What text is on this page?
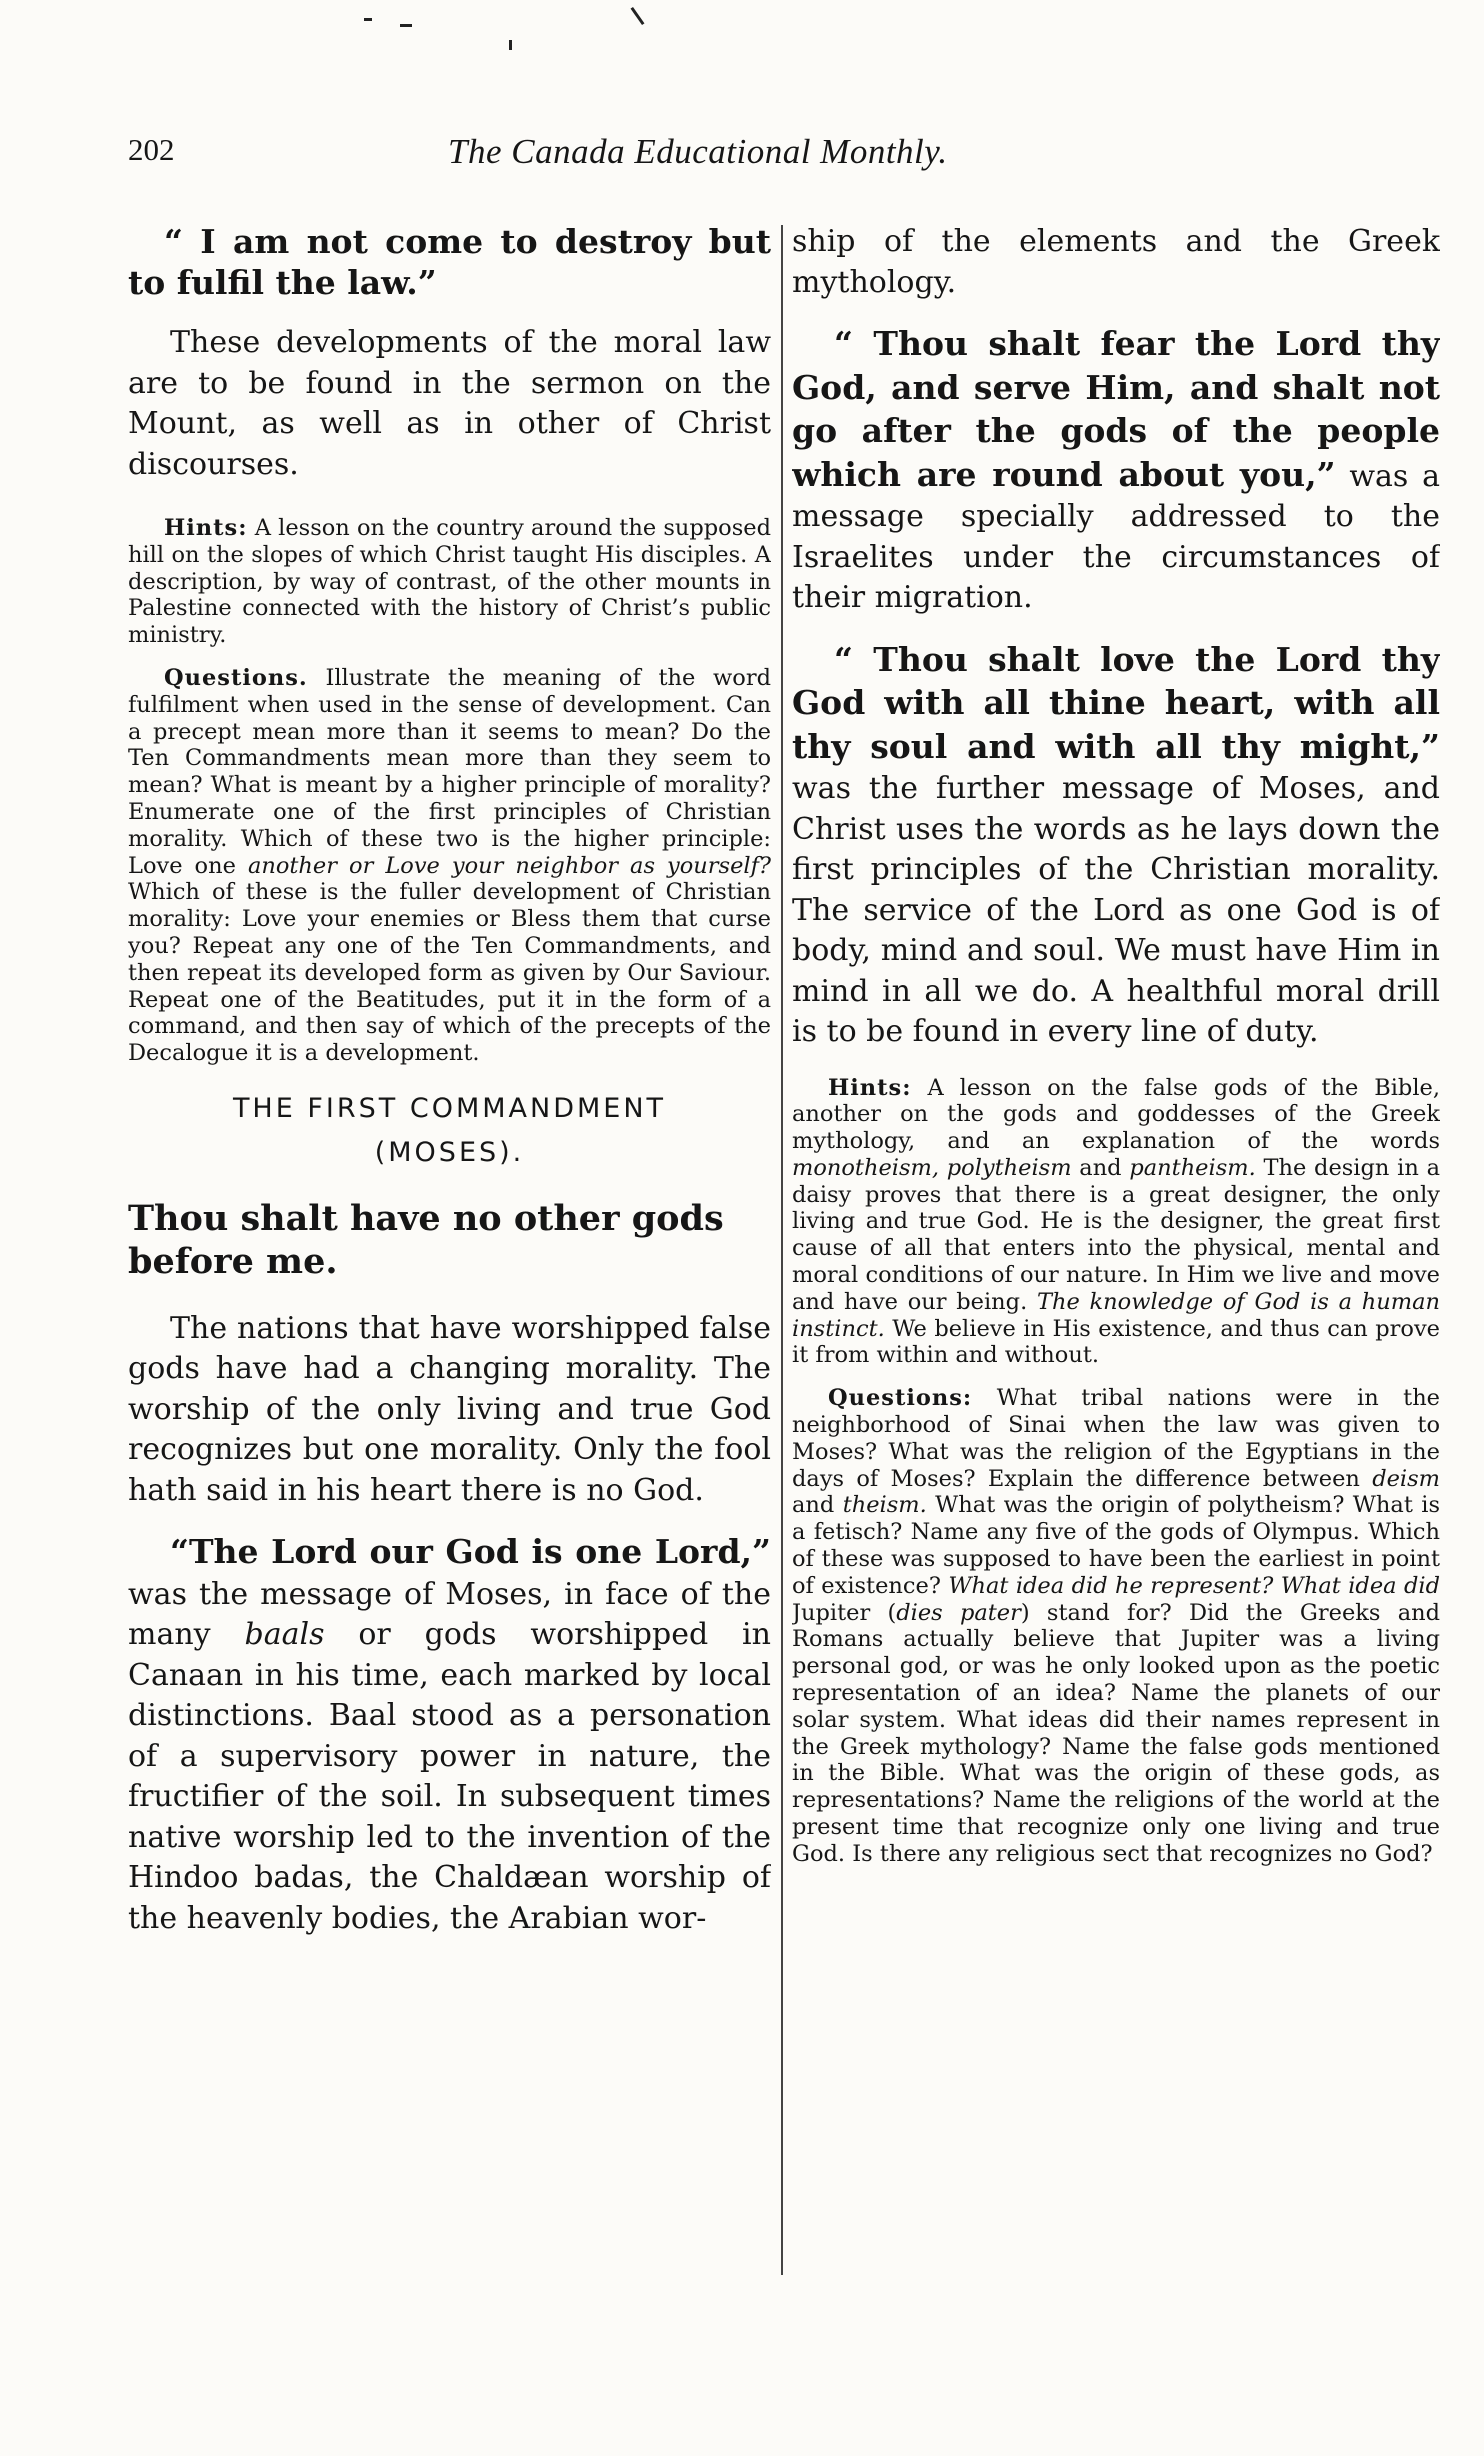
202	The Canada Educational Monthly.

“ I am not come to destroy but to fulfil the law.”

These developments of the moral law are to be found in the sermon on the Mount, as well as in other of Christ discourses.

Hints: A lesson on the country around the supposed hill on the slopes of which Christ taught His disciples. A description, by way of contrast, of the other mounts in Palestine connected with the history of Christ’s public ministry.

Questions. Illustrate the meaning of the word fulfilment when used in the sense of development. Can a precept mean more than it seems to mean? Do the Ten Commandments mean more than they seem to mean? What is meant by a higher principle of morality? Enumerate one of the first principles of Christian morality. Which of these two is the higher principle: Love one another or Love your neighbor as yourself? Which of these is the fuller development of Christian morality: Love your enemies or Bless them that curse you? Repeat any one of the Ten Commandments, and then repeat its developed form as given by Our Saviour. Repeat one of the Beatitudes, put it in the form of a command, and then say of which of the precepts of the Decalogue it is a development.

THE FIRST COMMANDMENT
(MOSES).

Thou shalt have no other gods before me.

The nations that have worshipped false gods have had a changing morality. The worship of the only living and true God recognizes but one morality. Only the fool hath said in his heart there is no God.

“The Lord our God is one Lord,” was the message of Moses, in face of the many baals or gods worshipped in Canaan in his time, each marked by local distinctions. Baal stood as a personation of a supervisory power in nature, the fructifier of the soil. In subsequent times native worship led to the invention of the Hindoo badas, the Chaldæan worship of the heavenly bodies, the Arabian wor-

ship of the elements and the Greek mythology.

“ Thou shalt fear the Lord thy God, and serve Him, and shalt not go after the gods of the people which are round about you,” was a message specially addressed to the Israelites under the circumstances of their migration.

“ Thou shalt love the Lord thy God with all thine heart, with all thy soul and with all thy might,” was the further message of Moses, and Christ uses the words as he lays down the first principles of the Christian morality. The service of the Lord as one God is of body, mind and soul. We must have Him in mind in all we do. A healthful moral drill is to be found in every line of duty.

Hints: A lesson on the false gods of the Bible, another on the gods and goddesses of the Greek mythology, and an explanation of the words monotheism, polytheism and pantheism. The design in a daisy proves that there is a great designer, the only living and true God. He is the designer, the great first cause of all that enters into the physical, mental and moral conditions of our nature. In Him we live and move and have our being. The knowledge of God is a human instinct. We believe in His existence, and thus can prove it from within and without.

Questions: What tribal nations were in the neighborhood of Sinai when the law was given to Moses? What was the religion of the Egyptians in the days of Moses? Explain the difference between deism and theism. What was the origin of polytheism? What is a fetisch? Name any five of the gods of Olympus. Which of these was supposed to have been the earliest in point of existence? What idea did he represent? What idea did Jupiter (dies pater) stand for? Did the Greeks and Romans actually believe that Jupiter was a living personal god, or was he only looked upon as the poetic representation of an idea? Name the planets of our solar system. What ideas did their names represent in the Greek mythology? Name the false gods mentioned in the Bible. What was the origin of these gods, as representations? Name the religions of the world at the present time that recognize only one living and true God. Is there any religious sect that recognizes no God?
